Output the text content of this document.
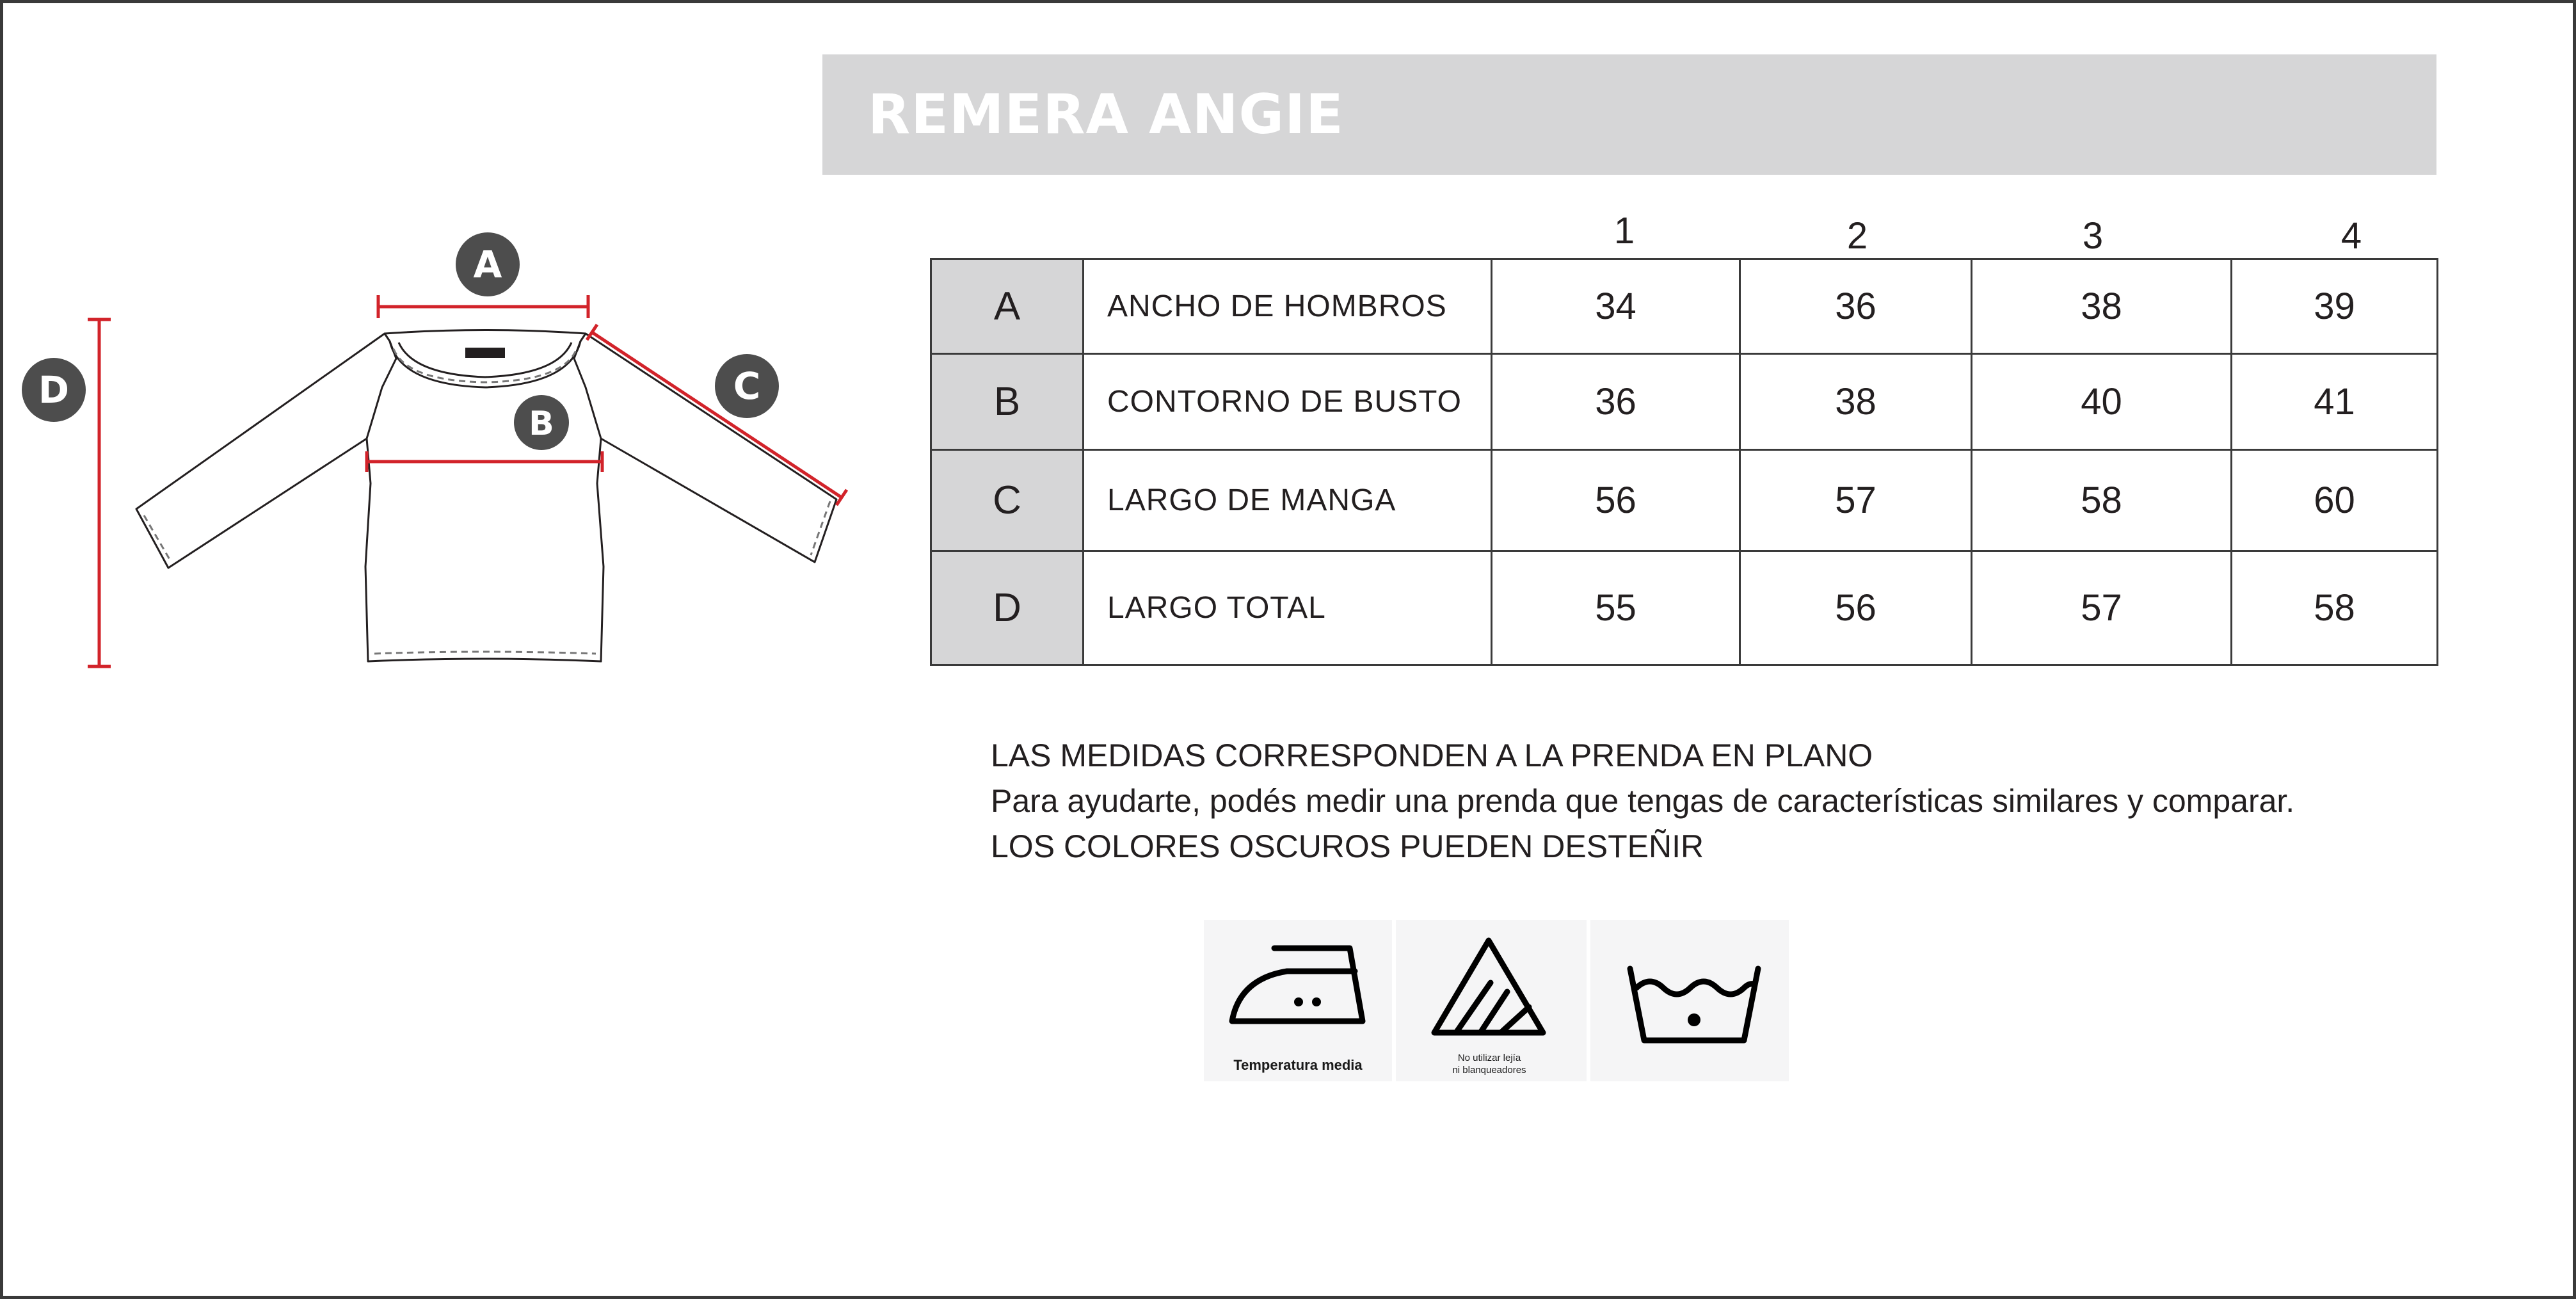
REMERA ANGIE
A
B
C
D
1	2	3	4
A	ANCHO DE HOMBROS	34	36	38	39
B	CONTORNO DE BUSTO	36	38	40	41
C	LARGO DE MANGA	56	57	58	60
D	LARGO TOTAL	55	56	57	58
LAS MEDIDAS CORRESPONDEN A LA PRENDA EN PLANO
Para ayudarte, podés medir una prenda que tengas de características similares y comparar.
LOS COLORES OSCUROS PUEDEN DESTEÑIR
Temperatura media	No utilizar lejía
ni blanqueadores
